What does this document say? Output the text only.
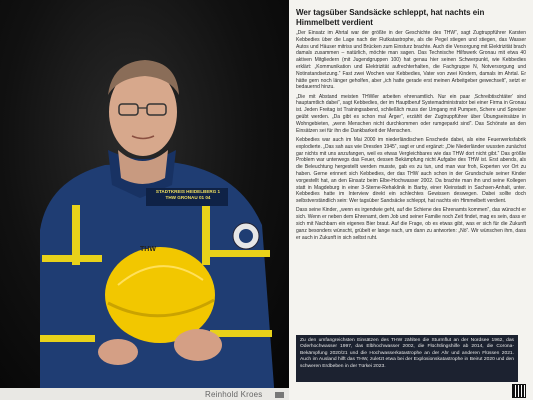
STADTKREIS HEIDELBERG 1
THW GRONAU 01 04
THW
Reinhold Kroes
Wer tagsüber Sandsäcke schleppt, hat nachts ein Himmelbett verdient

„Der Einsatz im Ahrtal war der größte in der Geschichte des THW“, sagt Zugtruppführer Karsten Kebbedies über die Lage nach der Flutkatastrophe, als die Pegel stiegen und stiegen, das Wasser Autos und Häuser mitriss und Brücken zum Einsturz brachte. Auch die Versorgung mit Elektrizität brach damals zusammen – natürlich, möchte man sagen. Das Technische Hilfswerk Gronau mit etwa 40 aktiven Mitgliedern (mit Jugendgruppen 100) hat genau hier seinen Schwerpunkt, wie Kebbedies erklärt: „Kommunikation und Elektrizität aufrechterhalten, die Fachgruppe N, Notversorgung und Notinstandsetzung.“ Fast zwei Wochen war Kebbedies, Vater von zwei Kindern, damals im Ahrtal. Er hätte gern noch länger geholfen, aber „ich hatte gerade erst meinen Arbeitgeber gewechselt“, setzt er bedauernd hinzu.

„Die mit Abstand meisten THWler arbeiten ehrenamtlich. Nur ein paar ‚Schreibtischtäter‘ sind hauptamtlich dabei“, sagt Kebbedies, der im Hauptberuf Systemadministrator bei einer Firma in Gronau ist. Jeden Freitag ist Trainingsabend, schließlich muss der Umgang mit Pumpen, Schere und Spreizer geübt werden. „Da gibt es schon mal Ärger“, erzählt der Zugtruppführer über Übungseinsätze in Wohngebieten, „wenn Menschen nicht durchkommen oder rumgeparkt sind“. Das Schönste an den Einsätzen sei für ihn die Dankbarkeit der Menschen.

Kebbedies war auch im Mai 2000 im niederländischen Enschede dabei, als eine Feuerwerksfabrik explodierte. „Das sah aus wie Dresden 1945“, sagt er und ergänzt: „Die Niederländer wussten zunächst gar nichts mit uns anzufangen, weil es etwas Vergleichbares wie das THW dort nicht gibt.“ Das größte Problem war unterwegs das Feuer, dessen Bekämpfung nicht Aufgabe des THW ist. Erst abends, als die Beleuchtung hergestellt werden musste, gab es zu tun, und man war froh, Experten vor Ort zu haben. Gerne erinnert sich Kebbedies, der das THW auch schon in der Grundschule seiner Kinder vorgestellt hat, an den Einsatz beim Elbe-Hochwasser 2002. Da brachte man ihn und seine Kollegen statt in Magdeburg in einer 3-Sterne-Rehaklinik in Barby, einer Kleinstadt in Sachsen-Anhalt, unter. Kebbedies hatte im Interview direkt ein schlechtes Gewissen deswegen. Dabei sollte doch selbstverständlich sein: Wer tagsüber Sandsäcke schleppt, hat nachts ein Himmelbett verdient.

Dass seine Kinder, „wenn es irgendwie geht, auf die Schiene des Ehrenamts kommen“, das wünscht er sich. Wenn er neben dem Ehrenamt, dem Job und seiner Familie noch Zeit findet, mag es sein, dass er sich mit Nachbarn ein eigenes Bier braut. Auf die Frage, ob es etwas gibt, was er sich für die Zukunft ganz besonders wünscht, grübelt er lange nach, um dann zu antworten: „Nö“. Wir wünschen ihm, dass er auch in Zukunft in sich selbst ruht.

Zu den umfangreichsten Einsätzen des THW zählten die Sturmflut an der Nordsee 1962, das Oderhochwasser 1997, das Elbhochwasser 2002, die Flüchtlingshilfe ab 2014, die Corona-Bekämpfung 2020/21 und die Hochwasserkatastrophe an der Ahr und anderen Flüssen 2021. Auch im Ausland hilft das THW, zuletzt etwa bei der Explosionskatastrophe in Beirut 2020 und den schweren Erdbeben in der Türkei 2023.
